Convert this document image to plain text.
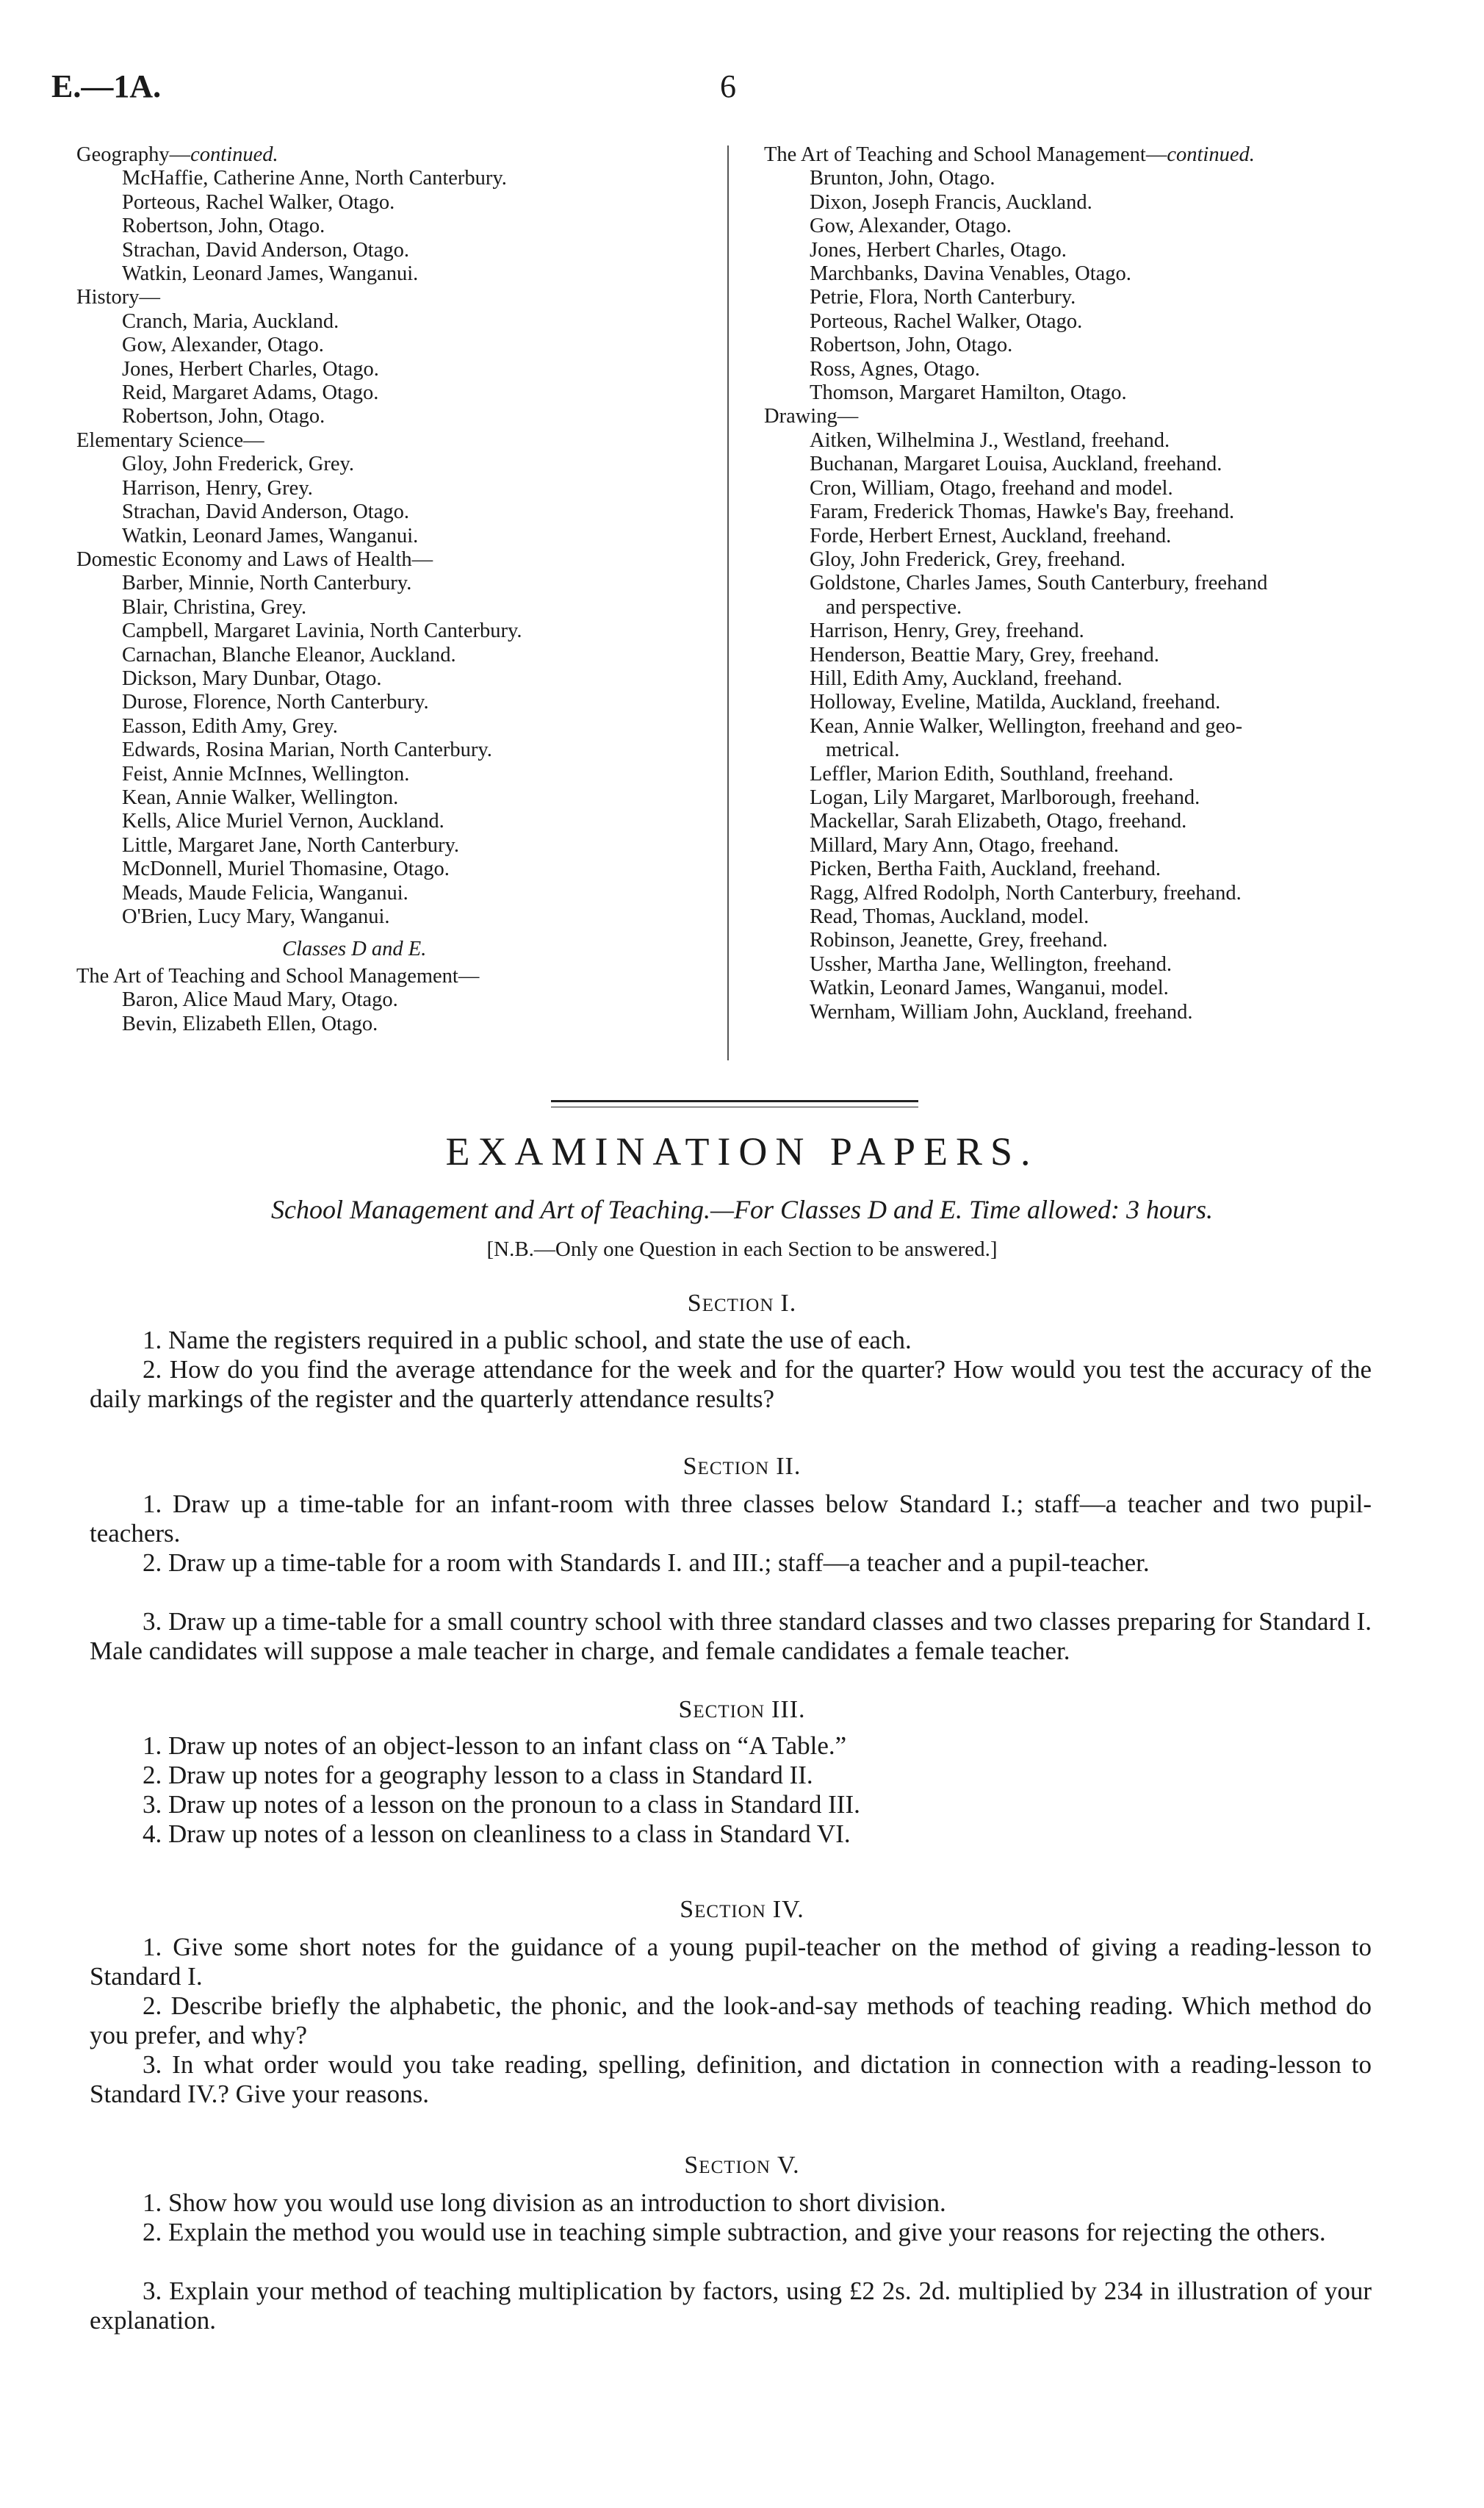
E.—1A.	6
Geography—continued.
McHaffie, Catherine Anne, North Canterbury.
Porteous, Rachel Walker, Otago.
Robertson, John, Otago.
Strachan, David Anderson, Otago.
Watkin, Leonard James, Wanganui.
History—
Cranch, Maria, Auckland.
Gow, Alexander, Otago.
Jones, Herbert Charles, Otago.
Reid, Margaret Adams, Otago.
Robertson, John, Otago.
Elementary Science—
Gloy, John Frederick, Grey.
Harrison, Henry, Grey.
Strachan, David Anderson, Otago.
Watkin, Leonard James, Wanganui.
Domestic Economy and Laws of Health—
Barber, Minnie, North Canterbury.
Blair, Christina, Grey.
Campbell, Margaret Lavinia, North Canterbury.
Carnachan, Blanche Eleanor, Auckland.
Dickson, Mary Dunbar, Otago.
Durose, Florence, North Canterbury.
Easson, Edith Amy, Grey.
Edwards, Rosina Marian, North Canterbury.
Feist, Annie McInnes, Wellington.
Kean, Annie Walker, Wellington.
Kells, Alice Muriel Vernon, Auckland.
Little, Margaret Jane, North Canterbury.
McDonnell, Muriel Thomasine, Otago.
Meads, Maude Felicia, Wanganui.
O'Brien, Lucy Mary, Wanganui.
Classes D and E.
The Art of Teaching and School Management—
Baron, Alice Maud Mary, Otago.
Bevin, Elizabeth Ellen, Otago.
The Art of Teaching and School Management—continued.
Brunton, John, Otago.
Dixon, Joseph Francis, Auckland.
Gow, Alexander, Otago.
Jones, Herbert Charles, Otago.
Marchbanks, Davina Venables, Otago.
Petrie, Flora, North Canterbury.
Porteous, Rachel Walker, Otago.
Robertson, John, Otago.
Ross, Agnes, Otago.
Thomson, Margaret Hamilton, Otago.
Drawing—
Aitken, Wilhelmina J., Westland, freehand.
Buchanan, Margaret Louisa, Auckland, freehand.
Cron, William, Otago, freehand and model.
Faram, Frederick Thomas, Hawke's Bay, freehand.
Forde, Herbert Ernest, Auckland, freehand.
Gloy, John Frederick, Grey, freehand.
Goldstone, Charles James, South Canterbury, freehand
and perspective.
Harrison, Henry, Grey, freehand.
Henderson, Beattie Mary, Grey, freehand.
Hill, Edith Amy, Auckland, freehand.
Holloway, Eveline, Matilda, Auckland, freehand.
Kean, Annie Walker, Wellington, freehand and geo-
metrical.
Leffler, Marion Edith, Southland, freehand.
Logan, Lily Margaret, Marlborough, freehand.
Mackellar, Sarah Elizabeth, Otago, freehand.
Millard, Mary Ann, Otago, freehand.
Picken, Bertha Faith, Auckland, freehand.
Ragg, Alfred Rodolph, North Canterbury, freehand.
Read, Thomas, Auckland, model.
Robinson, Jeanette, Grey, freehand.
Ussher, Martha Jane, Wellington, freehand.
Watkin, Leonard James, Wanganui, model.
Wernham, William John, Auckland, freehand.
EXAMINATION PAPERS.
School Management and Art of Teaching.—For Classes D and E. Time allowed: 3 hours.
[N.B.—Only one Question in each Section to be answered.]
SECTION I.
1. Name the registers required in a public school, and state the use of each.
2. How do you find the average attendance for the week and for the quarter? How would you test the accuracy of the daily markings of the register and the quarterly attendance results?
SECTION II.
1. Draw up a time-table for an infant-room with three classes below Standard I.; staff—a teacher and two pupil-teachers.
2. Draw up a time-table for a room with Standards I. and III.; staff—a teacher and a pupil-teacher.
3. Draw up a time-table for a small country school with three standard classes and two classes preparing for Standard I. Male candidates will suppose a male teacher in charge, and female candidates a female teacher.
SECTION III.
1. Draw up notes of an object-lesson to an infant class on “A Table.”
2. Draw up notes for a geography lesson to a class in Standard II.
3. Draw up notes of a lesson on the pronoun to a class in Standard III.
4. Draw up notes of a lesson on cleanliness to a class in Standard VI.
SECTION IV.
1. Give some short notes for the guidance of a young pupil-teacher on the method of giving a reading-lesson to Standard I.
2. Describe briefly the alphabetic, the phonic, and the look-and-say methods of teaching reading. Which method do you prefer, and why?
3. In what order would you take reading, spelling, definition, and dictation in connection with a reading-lesson to Standard IV.? Give your reasons.
SECTION V.
1. Show how you would use long division as an introduction to short division.
2. Explain the method you would use in teaching simple subtraction, and give your reasons for rejecting the others.
3. Explain your method of teaching multiplication by factors, using £2 2s. 2d. multiplied by 234 in illustration of your explanation.
